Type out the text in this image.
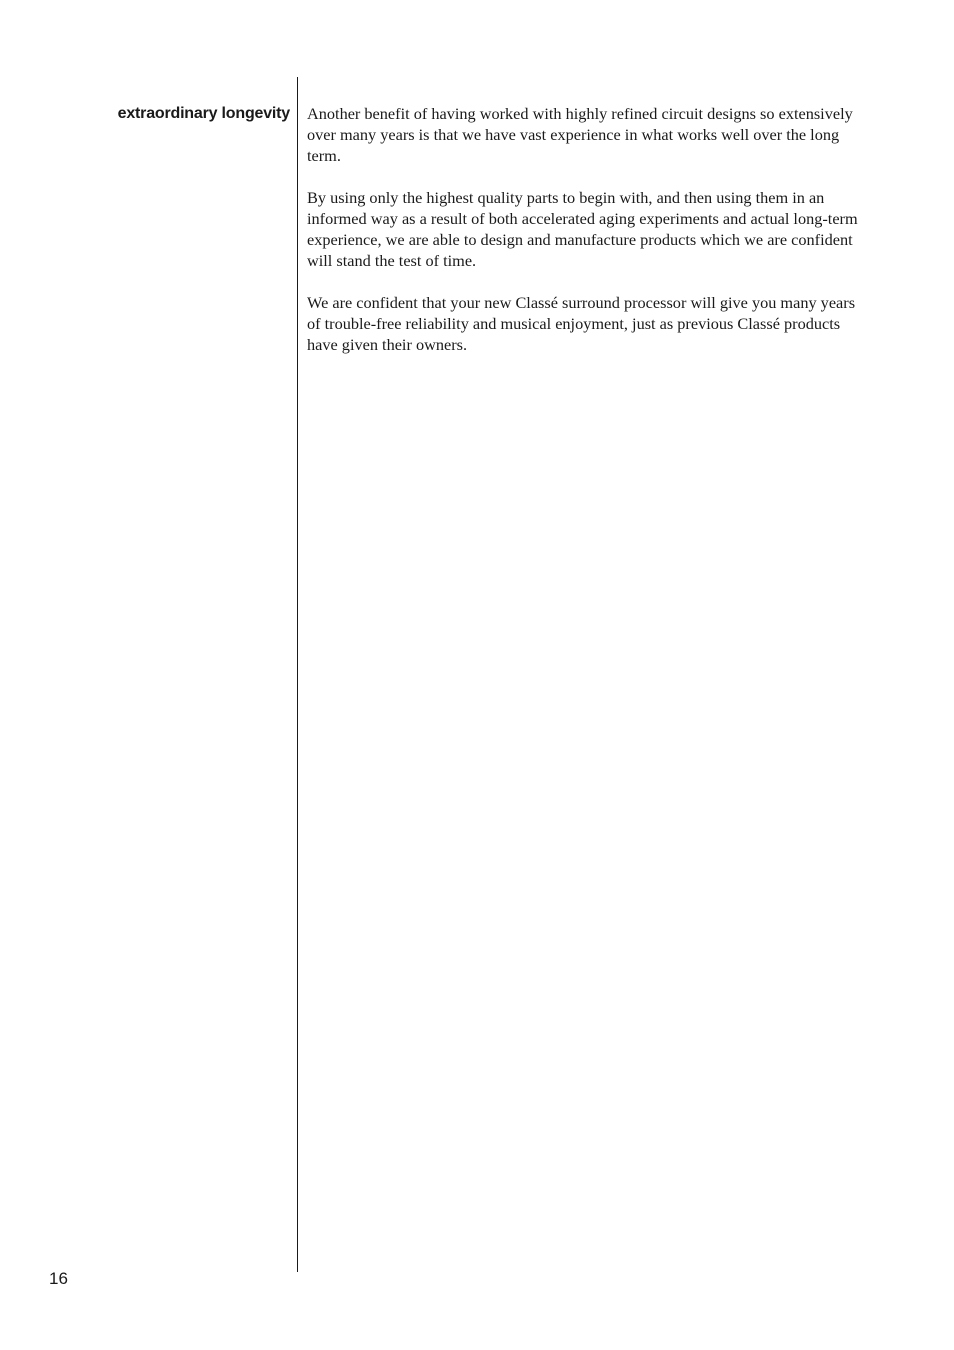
extraordinary longevity Another benefit of having worked with highly refined circuit designs so extensively over many years is that we have vast experience in what works well over the long term.

By using only the highest quality parts to begin with, and then using them in an informed way as a result of both accelerated aging experiments and actual long-term experience, we are able to design and manufacture products which we are confident will stand the test of time.

We are confident that your new Classé surround processor will give you many years of trouble-free reliability and musical enjoyment, just as previous Classé products have given their owners.

16
